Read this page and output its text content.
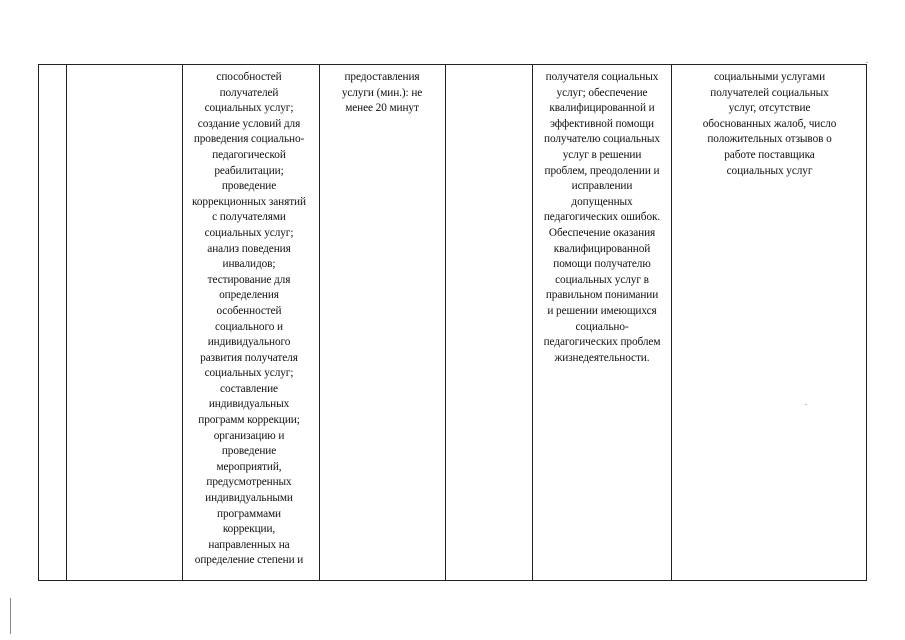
способностей
получателей
социальных услуг;
создание условий для
проведения социально-
педагогической
реабилитации;
проведение
коррекционных занятий
с получателями
социальных услуг;
анализ поведения
инвалидов;
тестирование для
определения
особенностей
социального и
индивидуального
развития получателя
социальных услуг;
составление
индивидуальных
программ коррекции;
организацию и
проведение
мероприятий,
предусмотренных
индивидуальными
программами
коррекции,
направленных на
определение степени и
предоставления
услуги (мин.): не
менее 20 минут
получателя социальных
услуг; обеспечение
квалифицированной и
эффективной помощи
получателю социальных
услуг в решении
проблем, преодолении и
исправлении
допущенных
педагогических ошибок.
Обеспечение оказания
квалифицированной
помощи получателю
социальных услуг в
правильном понимании
и решении имеющихся
социально-
педагогических проблем
жизнедеятельности.
социальными услугами
получателей социальных
услуг, отсутствие
обоснованных жалоб, число
положительных отзывов о
работе поставщика
социальных услуг
